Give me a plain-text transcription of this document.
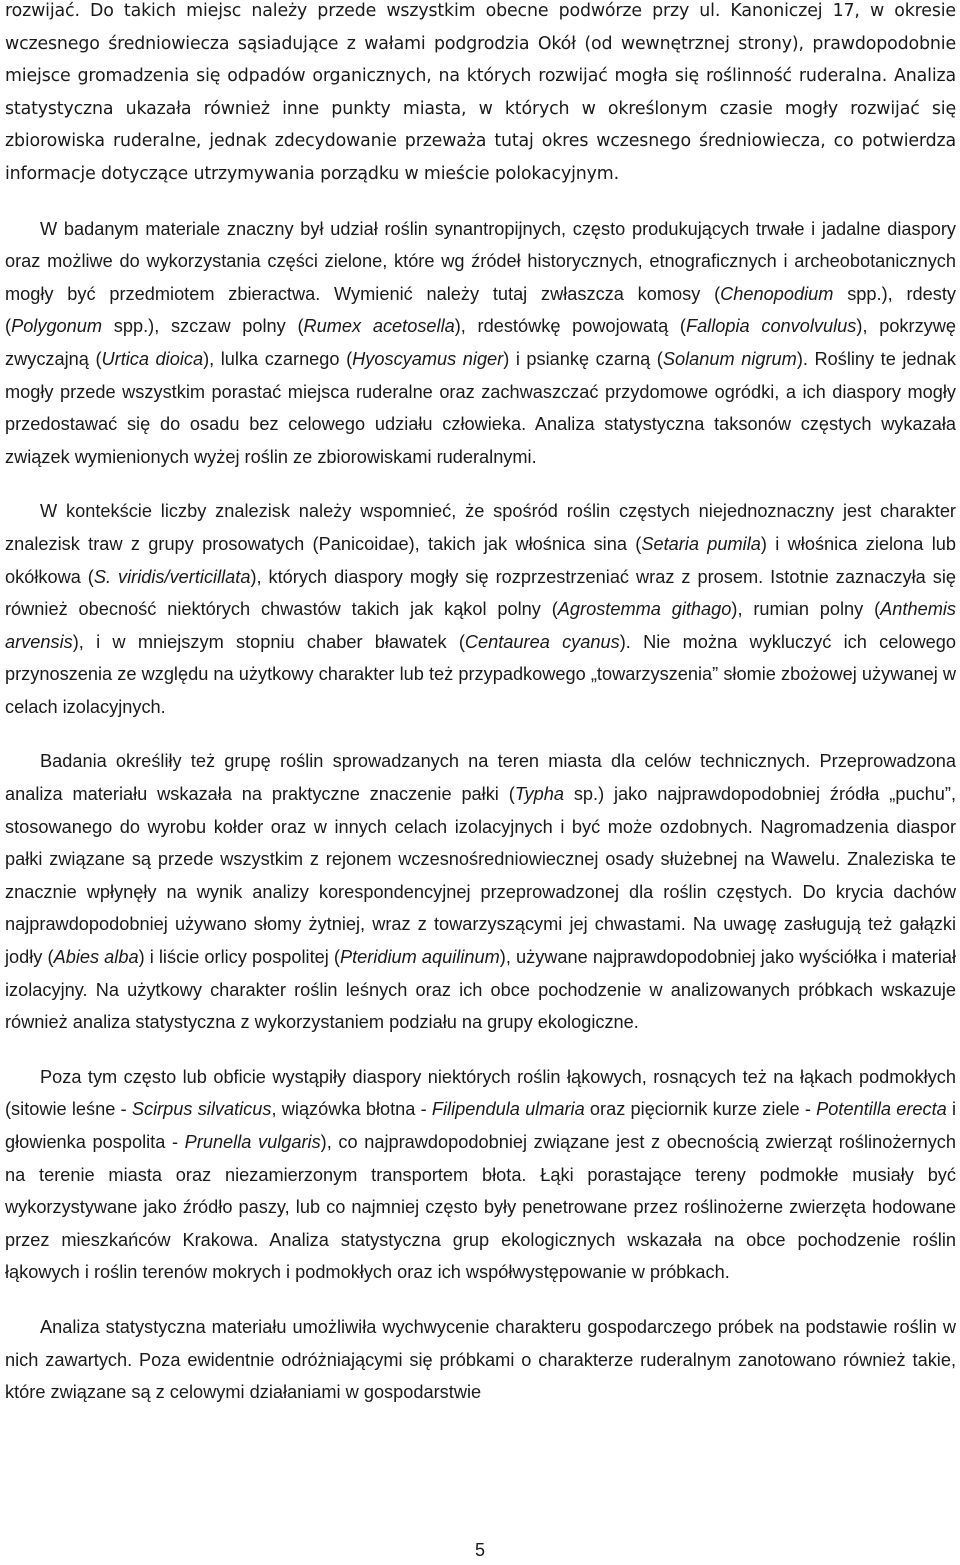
rozwijać. Do takich miejsc należy przede wszystkim obecne podwórze przy ul. Kanoniczej 17, w okresie wczesnego średniowiecza sąsiadujące z wałami podgrodzia Okół (od wewnętrznej strony), prawdopodobnie miejsce gromadzenia się odpadów organicznych, na których rozwijać mogła się roślinność ruderalna. Analiza statystyczna ukazała również inne punkty miasta, w których w określonym czasie mogły rozwijać się zbiorowiska ruderalne, jednak zdecydowanie przeważa tutaj okres wczesnego średniowiecza, co potwierdza informacje dotyczące utrzymywania porządku w mieście polokacyjnym.

W badanym materiale znaczny był udział roślin synantropijnych, często produkujących trwałe i jadalne diaspory oraz możliwe do wykorzystania części zielone, które wg źródeł historycznych, etnograficznych i archeobotanicznych mogły być przedmiotem zbieractwa. Wymienić należy tutaj zwłaszcza komosy (Chenopodium spp.), rdesty (Polygonum spp.), szczaw polny (Rumex acetosella), rdestówkę powojowatą (Fallopia convolvulus), pokrzywę zwyczajną (Urtica dioica), lulka czarnego (Hyoscyamus niger) i psiankę czarną (Solanum nigrum). Rośliny te jednak mogły przede wszystkim porastać miejsca ruderalne oraz zachwaszczać przydomowe ogródki, a ich diaspory mogły przedostawać się do osadu bez celowego udziału człowieka. Analiza statystyczna taksonów częstych wykazała związek wymienionych wyżej roślin ze zbiorowiskami ruderalnymi.

W kontekście liczby znalezisk należy wspomnieć, że spośród roślin częstych niejednoznaczny jest charakter znalezisk traw z grupy prosowatych (Panicoidae), takich jak włośnica sina (Setaria pumila) i włośnica zielona lub okółkowa (S. viridis/verticillata), których diaspory mogły się rozprzestrzeniać wraz z prosem. Istotnie zaznaczyła się również obecność niektórych chwastów takich jak kąkol polny (Agrostemma githago), rumian polny (Anthemis arvensis), i w mniejszym stopniu chaber bławatek (Centaurea cyanus). Nie można wykluczyć ich celowego przynoszenia ze względu na użytkowy charakter lub też przypadkowego „towarzyszenia” słomie zbożowej używanej w celach izolacyjnych.

Badania określiły też grupę roślin sprowadzanych na teren miasta dla celów technicznych. Przeprowadzona analiza materiału wskazała na praktyczne znaczenie pałki (Typha sp.) jako najprawdopodobniej źródła „puchu”, stosowanego do wyrobu kołder oraz w innych celach izolacyjnych i być może ozdobnych. Nagromadzenia diaspor pałki związane są przede wszystkim z rejonem wczesnośredniowiecznej osady służebnej na Wawelu. Znaleziska te znacznie wpłynęły na wynik analizy korespondencyjnej przeprowadzonej dla roślin częstych. Do krycia dachów najprawdopodobniej używano słomy żytniej, wraz z towarzyszącymi jej chwastami. Na uwagę zasługują też gałązki jodły (Abies alba) i liście orlicy pospolitej (Pteridium aquilinum), używane najprawdopodobniej jako wyściółka i materiał izolacyjny. Na użytkowy charakter roślin leśnych oraz ich obce pochodzenie w analizowanych próbkach wskazuje również analiza statystyczna z wykorzystaniem podziału na grupy ekologiczne.

Poza tym często lub obficie wystąpiły diaspory niektórych roślin łąkowych, rosnących też na łąkach podmokłych (sitowie leśne - Scirpus silvaticus, wiązówka błotna - Filipendula ulmaria oraz pięciornik kurze ziele - Potentilla erecta i głowienka pospolita - Prunella vulgaris), co najprawdopodobniej związane jest z obecnością zwierząt roślinożernych na terenie miasta oraz niezamierzonym transportem błota. Łąki porastające tereny podmokłe musiały być wykorzystywane jako źródło paszy, lub co najmniej często były penetrowane przez roślinożerne zwierzęta hodowane przez mieszkańców Krakowa. Analiza statystyczna grup ekologicznych wskazała na obce pochodzenie roślin łąkowych i roślin terenów mokrych i podmokłych oraz ich współwystępowanie w próbkach.

Analiza statystyczna materiału umożliwiła wychwycenie charakteru gospodarczego próbek na podstawie roślin w nich zawartych. Poza ewidentnie odróżniającymi się próbkami o charakterze ruderalnym zanotowano również takie, które związane są z celowymi działaniami w gospodarstwie

5
